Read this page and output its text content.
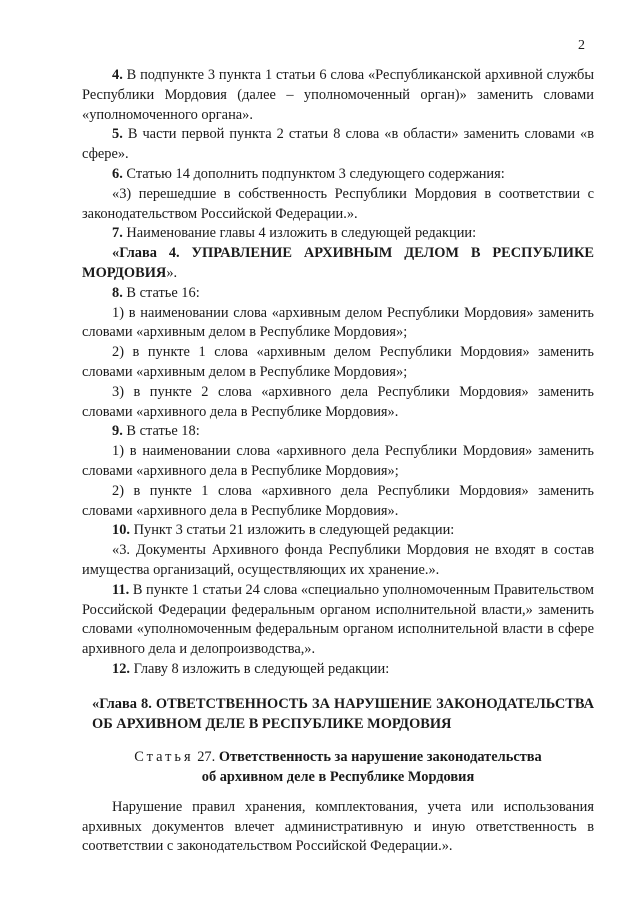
2

4. В подпункте 3 пункта 1 статьи 6 слова «Республиканской архивной службы Республики Мордовия (далее – уполномоченный орган)» заменить словами «уполномоченного органа».

5. В части первой пункта 2 статьи 8 слова «в области» заменить словами «в сфере».

6. Статью 14 дополнить подпунктом 3 следующего содержания:

«3) перешедшие в собственность Республики Мордовия в соответствии с законодательством Российской Федерации.».

7. Наименование главы 4 изложить в следующей редакции:

«Глава 4. УПРАВЛЕНИЕ АРХИВНЫМ ДЕЛОМ В РЕСПУБЛИКЕ МОРДОВИЯ».

8. В статье 16:

1) в наименовании слова «архивным делом Республики Мордовия» заменить словами «архивным делом в Республике Мордовия»;

2) в пункте 1 слова «архивным делом Республики Мордовия» заменить словами «архивным делом в Республике Мордовия»;

3) в пункте 2 слова «архивного дела Республики Мордовия» заменить словами «архивного дела в Республике Мордовия».

9. В статье 18:

1) в наименовании слова «архивного дела Республики Мордовия» заменить словами «архивного дела в Республике Мордовия»;

2) в пункте 1 слова «архивного дела Республики Мордовия» заменить словами «архивного дела в Республике Мордовия».

10. Пункт 3 статьи 21 изложить в следующей редакции:

«3. Документы Архивного фонда Республики Мордовия не входят в состав имущества организаций, осуществляющих их хранение.».

11. В пункте 1 статьи 24 слова «специально уполномоченным Правительством Российской Федерации федеральным органом исполнительной власти,» заменить словами «уполномоченным федеральным органом исполнительной власти в сфере архивного дела и делопроизводства,».

12. Главу 8 изложить в следующей редакции:

«Глава 8. ОТВЕТСТВЕННОСТЬ ЗА НАРУШЕНИЕ ЗАКОНОДАТЕЛЬСТВА ОБ АРХИВНОМ ДЕЛЕ В РЕСПУБЛИКЕ МОРДОВИЯ

Статья 27. Ответственность за нарушение законодательства
об архивном деле в Республике Мордовия

Нарушение правил хранения, комплектования, учета или использования архивных документов влечет административную и иную ответственность в соответствии с законодательством Российской Федерации.».
